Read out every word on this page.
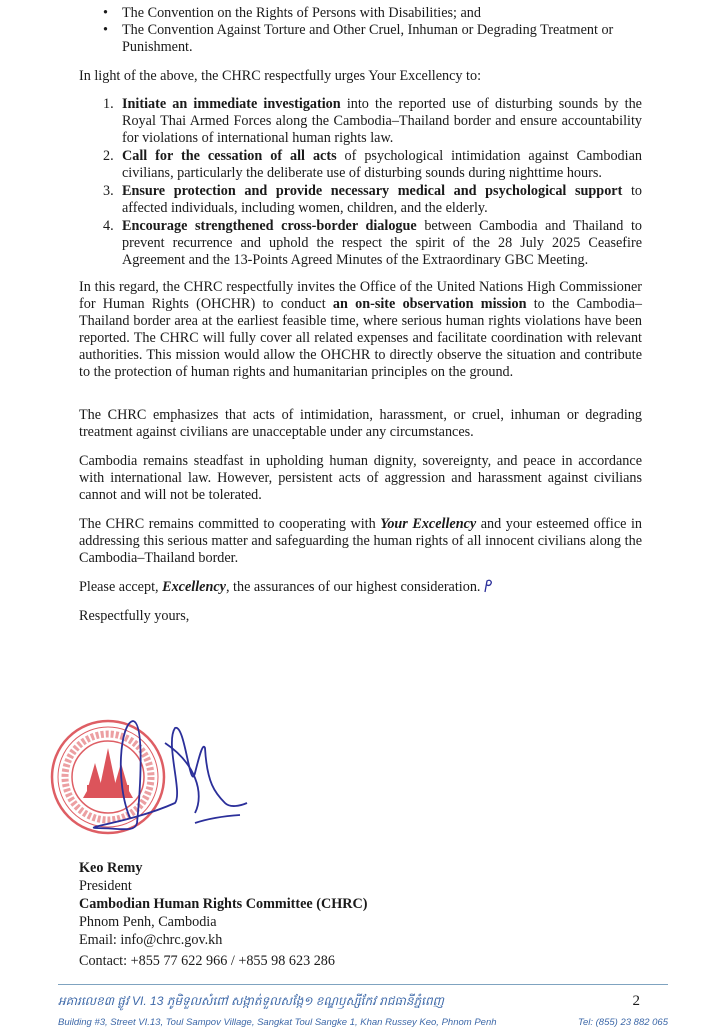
• The Convention on the Rights of Persons with Disabilities; and
• The Convention Against Torture and Other Cruel, Inhuman or Degrading Treatment or Punishment.

In light of the above, the CHRC respectfully urges Your Excellency to:

1. Initiate an immediate investigation into the reported use of disturbing sounds by the Royal Thai Armed Forces along the Cambodia–Thailand border and ensure accountability for violations of international human rights law.
2. Call for the cessation of all acts of psychological intimidation against Cambodian civilians, particularly the deliberate use of disturbing sounds during nighttime hours.
3. Ensure protection and provide necessary medical and psychological support to affected individuals, including women, children, and the elderly.
4. Encourage strengthened cross-border dialogue between Cambodia and Thailand to prevent recurrence and uphold the respect the spirit of the 28 July 2025 Ceasefire Agreement and the 13-Points Agreed Minutes of the Extraordinary GBC Meeting.

In this regard, the CHRC respectfully invites the Office of the United Nations High Commissioner for Human Rights (OHCHR) to conduct an on-site observation mission to the Cambodia–Thailand border area at the earliest feasible time, where serious human rights violations have been reported. The CHRC will fully cover all related expenses and facilitate coordination with relevant authorities. This mission would allow the OHCHR to directly observe the situation and contribute to the protection of human rights and humanitarian principles on the ground.

The CHRC emphasizes that acts of intimidation, harassment, or cruel, inhuman or degrading treatment against civilians are unacceptable under any circumstances.

Cambodia remains steadfast in upholding human dignity, sovereignty, and peace in accordance with international law. However, persistent acts of aggression and harassment against civilians cannot and will not be tolerated.

The CHRC remains committed to cooperating with Your Excellency and your esteemed office in addressing this serious matter and safeguarding the human rights of all innocent civilians along the Cambodia–Thailand border.

Please accept, Excellency, the assurances of our highest consideration.

Respectfully yours,

Keo Remy
President
Cambodian Human Rights Committee (CHRC)
Phnom Penh, Cambodia
Email: info@chrc.gov.kh
Contact: +855 77 622 966 / +855 98 623 286
អគារលេខ៣ ផ្លូវ VI. 13 ភូមិទួលសំពៅ សង្កាត់ទួលសង្កែ១ ខណ្ឌឫស្សីកែវ រាជធានីភ្នំពេញ	2
Building #3, Street VI.13, Toul Sampov Village, Sangkat Toul Sangke 1, Khan Russey Keo, Phnom Penh	Tel: (855) 23 882 065
